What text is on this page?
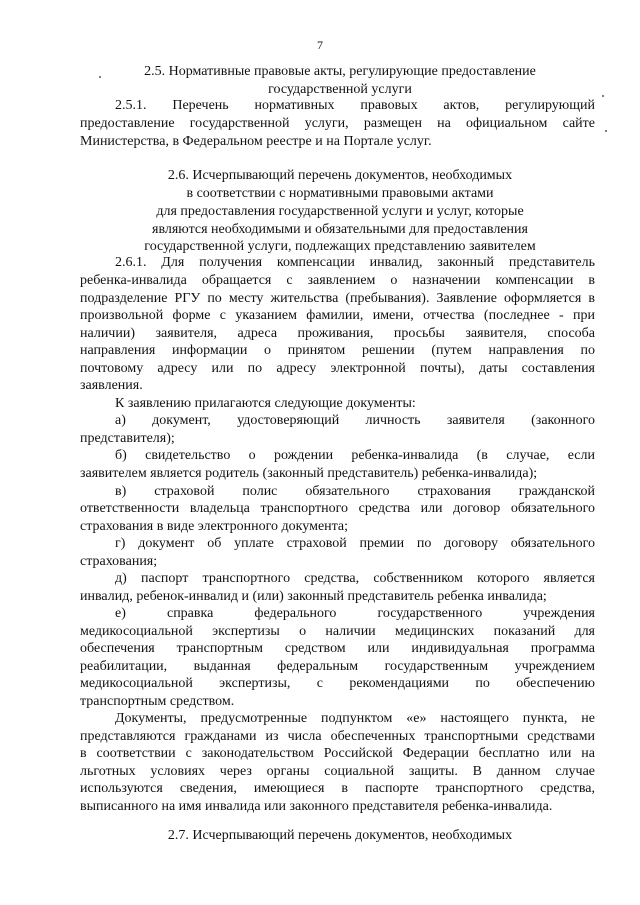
7
2.5. Нормативные правовые акты, регулирующие предоставление
государственной услуги
2.5.1. Перечень нормативных правовых актов, регулирующий
предоставление государственной услуги, размещен на официальном сайте
Министерства, в Федеральном реестре и на Портале услуг.
2.6. Исчерпывающий перечень документов, необходимых
в соответствии с нормативными правовыми актами
для предоставления государственной услуги и услуг, которые
являются необходимыми и обязательными для предоставления
государственной услуги, подлежащих представлению заявителем
2.6.1. Для получения компенсации инвалид, законный представитель
ребенка-инвалида обращается с заявлением о назначении компенсации в
подразделение РГУ по месту жительства (пребывания). Заявление оформляется в
произвольной форме с указанием фамилии, имени, отчества (последнее - при
наличии) заявителя, адреса проживания, просьбы заявителя, способа
направления информации о принятом решении (путем направления по
почтовому адресу или по адресу электронной почты), даты составления
заявления.
К заявлению прилагаются следующие документы:
а) документ, удостоверяющий личность заявителя (законного
представителя);
б) свидетельство о рождении ребенка-инвалида (в случае, если
заявителем является родитель (законный представитель) ребенка-инвалида);
в) страховой полис обязательного страхования гражданской
ответственности владельца транспортного средства или договор обязательного
страхования в виде электронного документа;
г) документ об уплате страховой премии по договору обязательного
страхования;
д) паспорт транспортного средства, собственником которого является
инвалид, ребенок-инвалид и (или) законный представитель ребенка инвалида;
е) справка федерального государственного учреждения
медикосоциальной экспертизы о наличии медицинских показаний для
обеспечения транспортным средством или индивидуальная программа
реабилитации, выданная федеральным государственным учреждением
медикосоциальной экспертизы, с рекомендациями по обеспечению
транспортным средством.
Документы, предусмотренные подпунктом «е» настоящего пункта, не
представляются гражданами из числа обеспеченных транспортными средствами
в соответствии с законодательством Российской Федерации бесплатно или на
льготных условиях через органы социальной защиты. В данном случае
используются сведения, имеющиеся в паспорте транспортного средства,
выписанного на имя инвалида или законного представителя ребенка-инвалида.
2.7. Исчерпывающий перечень документов, необходимых
